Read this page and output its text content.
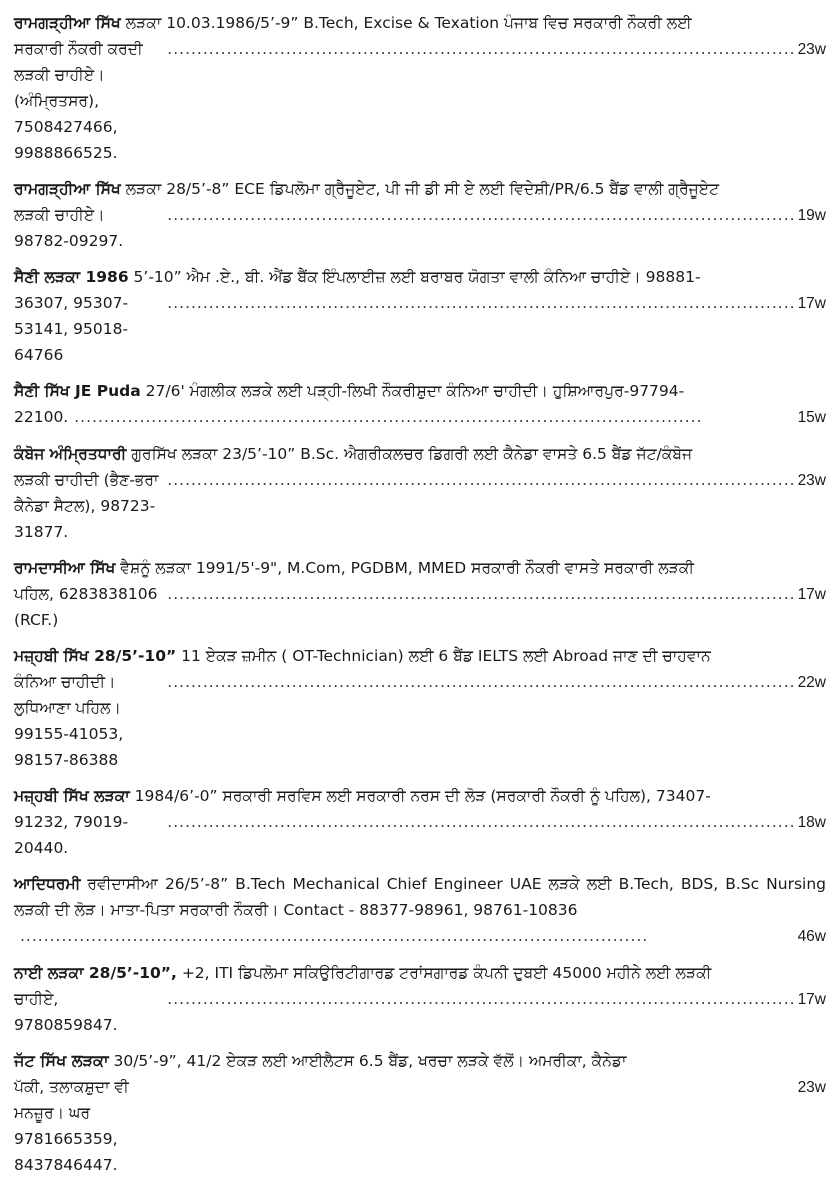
ਰਾਮਗੜ੍ਹੀਆ ਸਿੱਖ ਲੜਕਾ 10.03.1986/5’-9” B.Tech, Excise & Texation ਪੰਜਾਬ ਵਿਚ ਸਰਕਾਰੀ ਨੌਕਰੀ ਲਈ
ਸਰਕਾਰੀ ਨੌਕਰੀ ਕਰਦੀ ਲੜਕੀ ਚਾਹੀਏ।(ਅੰਮ੍ਰਿਤਸਰ), 7508427466, 9988866525.
.......................................................................................................... 23w
ਰਾਮਗੜ੍ਹੀਆ ਸਿੱਖ ਲੜਕਾ 28/5’-8” ECE ਡਿਪਲੋਮਾ ਗ੍ਰੈਜੂਏਟ, ਪੀ ਜੀ ਡੀ ਸੀ ਏ ਲਈ ਵਿਦੇਸ਼ੀ/PR/6.5 ਬੈਂਡ ਵਾਲੀ ਗ੍ਰੈਜੂਏਟ
ਲੜਕੀ ਚਾਹੀਏ। 98782-09297.
.......................................................................................................... 19w
ਸੈਣੀ ਲੜਕਾ 1986 5’-10” ਐਮ .ਏ., ਬੀ. ਐਂਡ ਬੈਂਕ ਇੰਪਲਾਈਜ਼ ਲਈ ਬਰਾਬਰ ਯੋਗਤਾ ਵਾਲੀ ਕੰਨਿਆ ਚਾਹੀਏ। 98881-
36307, 95307-53141, 95018-64766
.......................................................................................................... 17w
ਸੈਣੀ ਸਿੱਖ JE Puda 27/6' ਮੰਗਲੀਕ ਲੜਕੇ ਲਈ ਪੜ੍ਹੀ-ਲਿਖੀ ਨੌਕਰੀਸ਼ੁਦਾ ਕੰਨਿਆ ਚਾਹੀਦੀ। ਹੁਸ਼ਿਆਰਪੁਰ-97794-
22100. ..........................................................................................................	15w
ਕੰਬੋਜ ਅੰਮ੍ਰਿਤਧਾਰੀ ਗੁਰਸਿੱਖ ਲੜਕਾ 23/5’-10” B.Sc. ਐਗਰੀਕਲਚਰ ਡਿਗਰੀ ਲਈ ਕੈਨੇਡਾ ਵਾਸਤੇ 6.5 ਬੈਂਡ ਜੱਟ/ਕੰਬੋਜ
ਲੜਕੀ ਚਾਹੀਦੀ (ਭੈਣ-ਭਰਾ ਕੈਨੇਡਾ ਸੈਟਲ), 98723-31877.
.......................................................................................................... 23w
ਰਾਮਦਾਸੀਆ ਸਿੱਖ ਵੈਸ਼ਨੂੰ ਲੜਕਾ 1991/5'-9", M.Com, PGDBM, MMED ਸਰਕਾਰੀ ਨੌਕਰੀ ਵਾਸਤੇ ਸਰਕਾਰੀ ਲੜਕੀ
ਪਹਿਲ, 6283838106 (RCF.)
.......................................................................................................... 17w
ਮਜ਼੍ਹਬੀ ਸਿੱਖ 28/5’-10” 11 ਏਕੜ ਜ਼ਮੀਨ ( OT-Technician) ਲਈ 6 ਬੈਂਡ IELTS ਲਈ Abroad ਜਾਣ ਦੀ ਚਾਹਵਾਨ
ਕੰਨਿਆ ਚਾਹੀਦੀ। ਲੁਧਿਆਣਾ ਪਹਿਲ। 99155-41053, 98157-86388
.......................................................................................................... 22w
ਮਜ਼੍ਹਬੀ ਸਿੱਖ ਲੜਕਾ 1984/6’-0” ਸਰਕਾਰੀ ਸਰਵਿਸ ਲਈ ਸਰਕਾਰੀ ਨਰਸ ਦੀ ਲੋੜ (ਸਰਕਾਰੀ ਨੌਕਰੀ ਨੂੰ ਪਹਿਲ), 73407-
91232, 79019-20440.
.......................................................................................................... 18w
ਆਦਿਧਰਮੀ ਰਵੀਦਾਸੀਆ 26/5’-8” B.Tech Mechanical Chief Engineer UAE ਲੜਕੇ ਲਈ B.Tech, BDS, B.Sc Nursing ਲੜਕੀ ਦੀ ਲੋੜ। ਮਾਤਾ-ਪਿਤਾ ਸਰਕਾਰੀ ਨੌਕਰੀ। Contact - 88377-98961, 98761-10836
..........................................................................................................	46w
ਨਾਈ ਲੜਕਾ 28/5’-10”, +2, ITI ਡਿਪਲੋਮਾ ਸਕਿਉਰਿਟੀਗਾਰਡ ਟਰਾਂਸਗਾਰਡ ਕੰਪਨੀ ਦੁਬਈ 45000 ਮਹੀਨੇ ਲਈ ਲੜਕੀ
ਚਾਹੀਏ, 9780859847.
.......................................................................................................... 17w
ਜੱਟ ਸਿੱਖ ਲੜਕਾ 30/5’-9”, 41/2 ਏਕੜ ਲਈ ਆਈਲੈਟਸ 6.5 ਬੈਂਡ, ਖਰਚਾ ਲੜਕੇ ਵੱਲੋਂ। ਅਮਰੀਕਾ, ਕੈਨੇਡਾ
ਪੱਕੀ, ਤਲਾਕਸ਼ੁਦਾ ਵੀ ਮਨਜ਼ੂਰ। ਘਰ 9781665359, 8437846447.
23w
